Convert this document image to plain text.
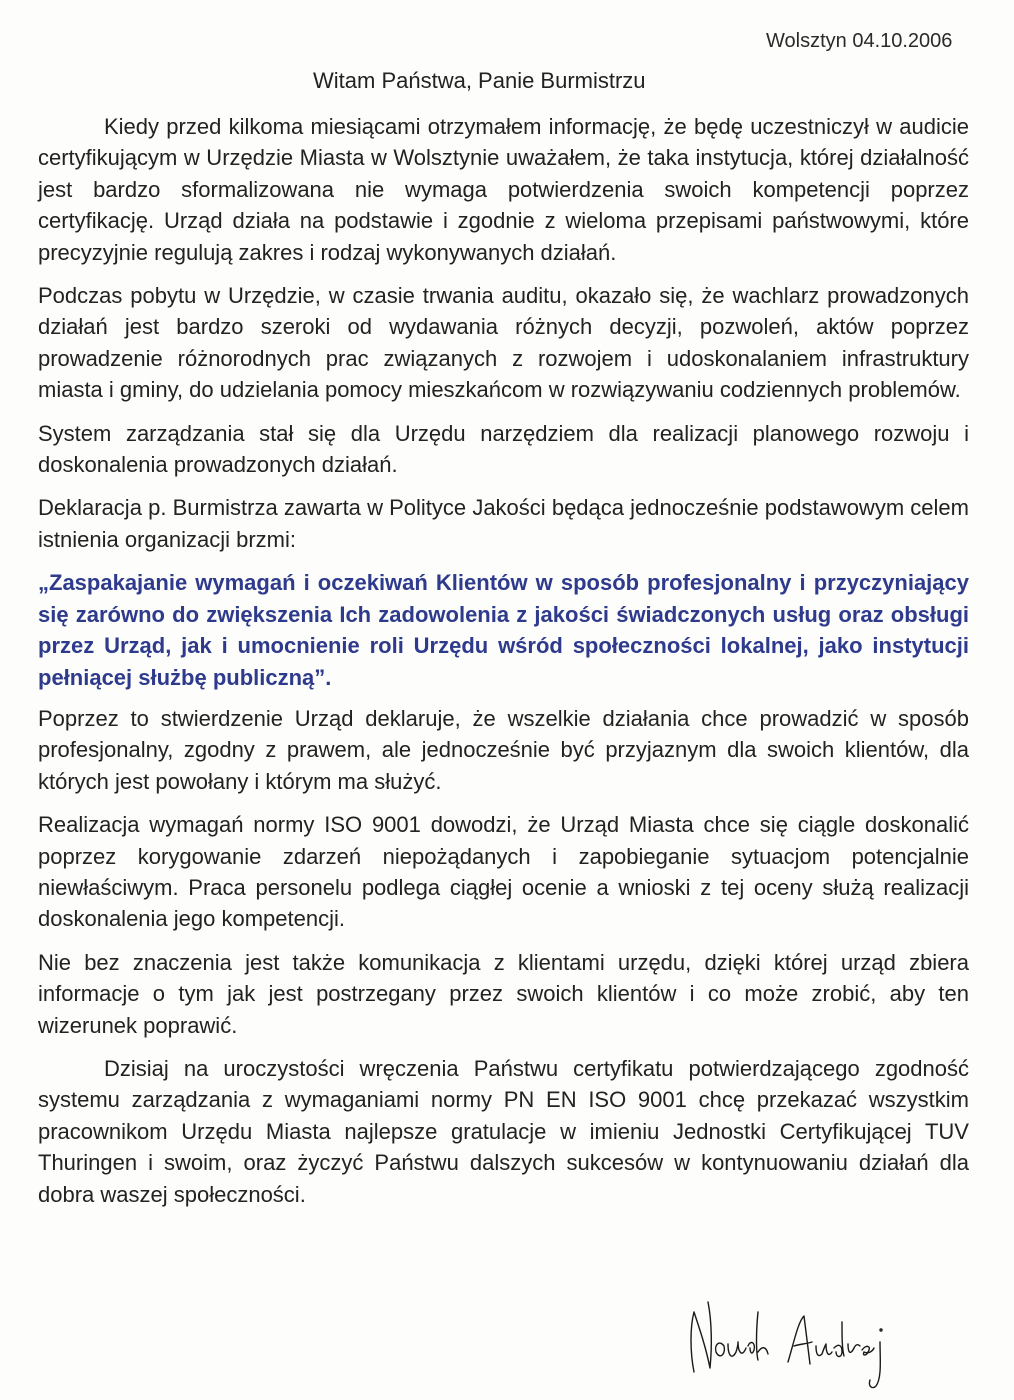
Wolsztyn 04.10.2006
Witam Państwa, Panie Burmistrzu

Kiedy przed kilkoma miesiącami otrzymałem informację, że będę uczestniczył w audicie certyfikującym w Urzędzie Miasta w Wolsztynie uważałem, że taka instytucja, której działalność jest bardzo sformalizowana nie wymaga potwierdzenia swoich kompetencji poprzez certyfikację. Urząd działa na podstawie i zgodnie z wieloma przepisami państwowymi, które precyzyjnie regulują zakres i rodzaj wykonywanych działań.

Podczas pobytu w Urzędzie, w czasie trwania auditu, okazało się, że wachlarz prowadzonych działań jest bardzo szeroki od wydawania różnych decyzji, pozwoleń, aktów poprzez prowadzenie różnorodnych prac związanych z rozwojem i udoskonalaniem infrastruktury miasta i gminy, do udzielania pomocy mieszkańcom w rozwiązywaniu codziennych problemów.

System zarządzania stał się dla Urzędu narzędziem dla realizacji planowego rozwoju i doskonalenia prowadzonych działań.

Deklaracja p. Burmistrza zawarta w Polityce Jakości będąca jednocześnie podstawowym celem istnienia organizacji brzmi:

„Zaspakajanie wymagań i oczekiwań Klientów w sposób profesjonalny i przyczyniający się zarówno do zwiększenia Ich zadowolenia z jakości świadczonych usług oraz obsługi przez Urząd, jak i umocnienie roli Urzędu wśród społeczności lokalnej, jako instytucji pełniącej służbę publiczną”.

Poprzez to stwierdzenie Urząd deklaruje, że wszelkie działania chce prowadzić w sposób profesjonalny, zgodny z prawem, ale jednocześnie być przyjaznym dla swoich klientów, dla których jest powołany i którym ma służyć.

Realizacja wymagań normy ISO 9001 dowodzi, że Urząd Miasta chce się ciągle doskonalić poprzez korygowanie zdarzeń niepożądanych i zapobieganie sytuacjom potencjalnie niewłaściwym. Praca personelu podlega ciągłej ocenie a wnioski z tej oceny służą realizacji doskonalenia jego kompetencji.

Nie bez znaczenia jest także komunikacja z klientami urzędu, dzięki której urząd zbiera informacje o tym jak jest postrzegany przez swoich klientów i co może zrobić, aby ten wizerunek poprawić.

Dzisiaj na uroczystości wręczenia Państwu certyfikatu potwierdzającego zgodność systemu zarządzania z wymaganiami normy PN EN ISO 9001 chcę przekazać wszystkim pracownikom Urzędu Miasta najlepsze gratulacje w imieniu Jednostki Certyfikującej TUV Thuringen i swoim, oraz życzyć Państwu dalszych sukcesów w kontynuowaniu działań dla dobra waszej społeczności.
